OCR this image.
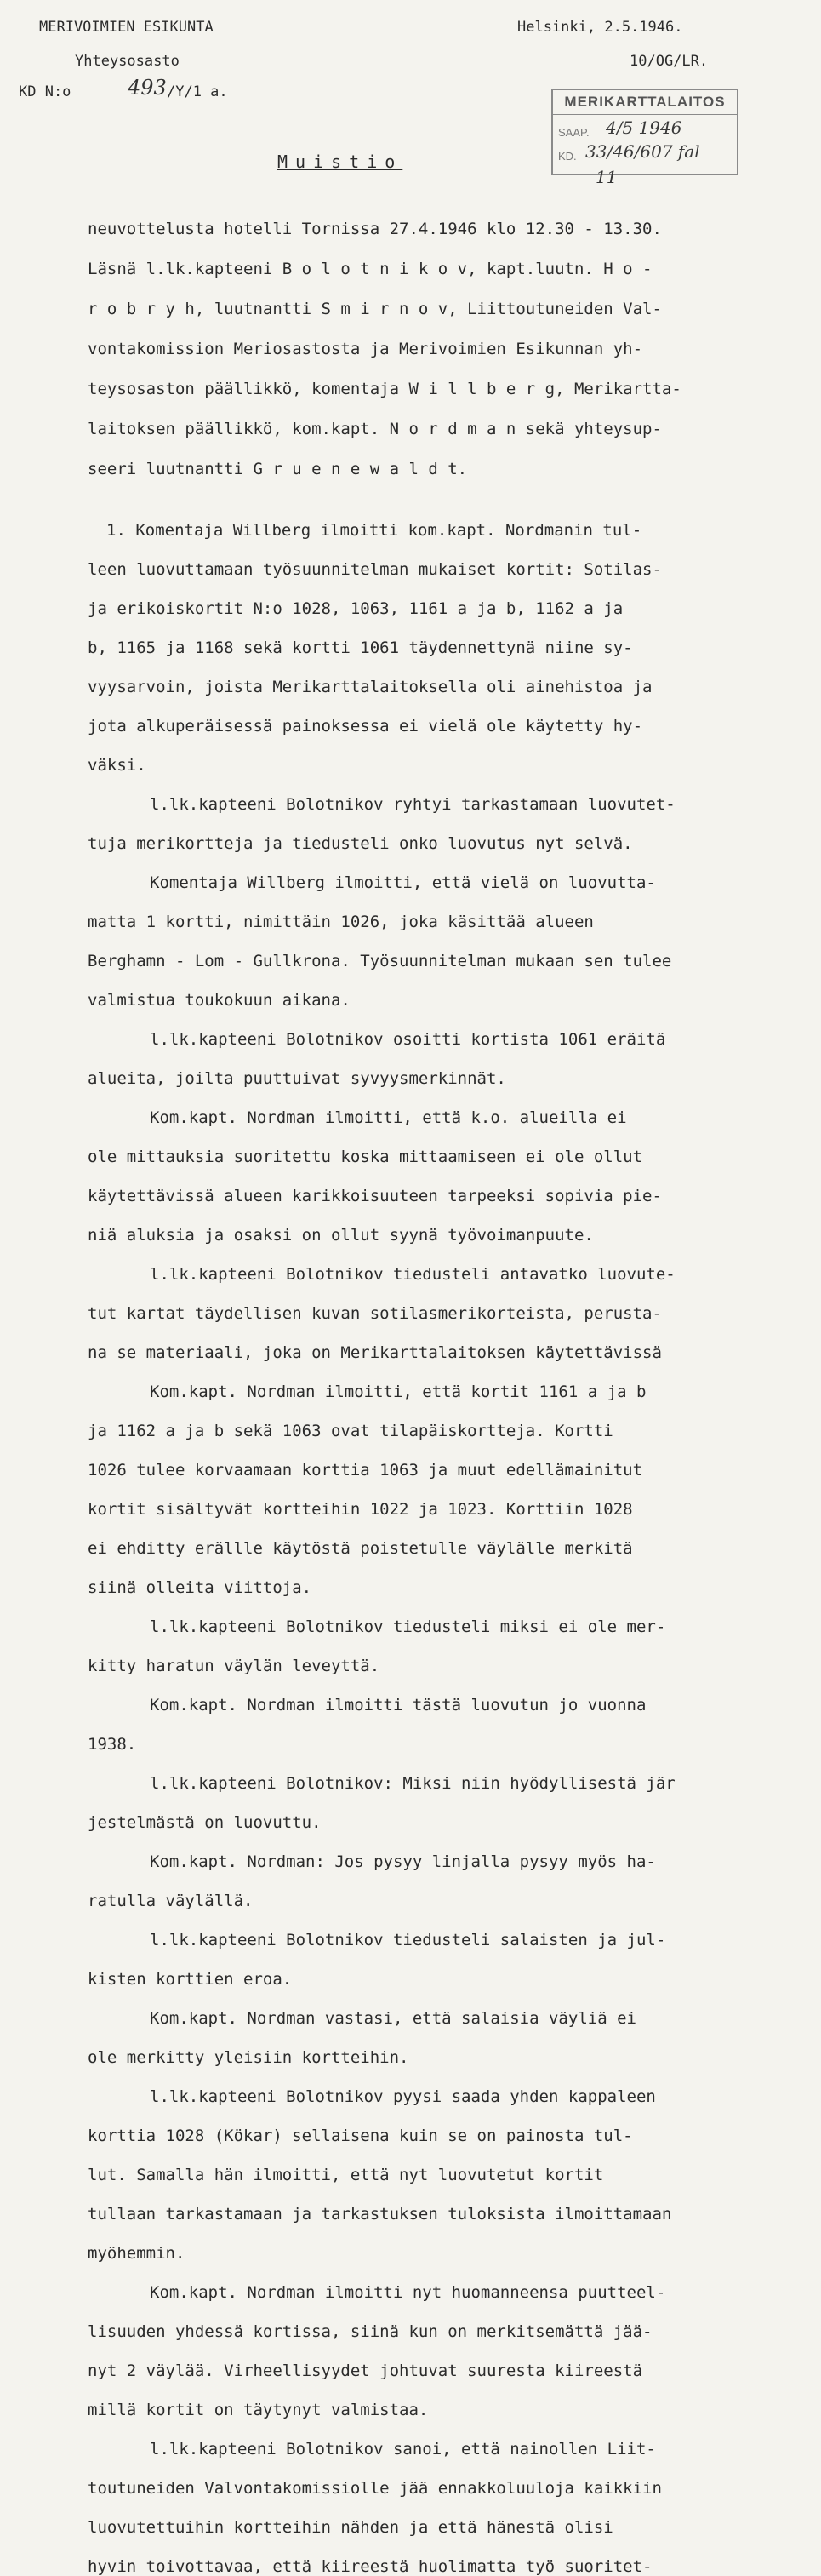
MERIVOIMIEN ESIKUNTA
Yhteysosasto
KD N:o	493 /Y/1 a.
Helsinki, 2.5.1946.
10/OG/LR.
MERIKARTTALAITOS
SAAP. 4/5 1946
KD. 33/46/607 fal
11
Muistio
neuvottelusta hotelli Tornissa 27.4.1946 klo 12.30 - 13.30.
Läsnä l.lk.kapteeni B o l o t n i k o v, kapt.luutn. H o -
r o b r y h, luutnantti S m i r n o v, Liittoutuneiden Val-
vontakomission Meriosastosta ja Merivoimien Esikunnan yh-
teysosaston päällikkö, komentaja W i l l b e r g, Merikartta-
laitoksen päällikkö, kom.kapt. N o r d m a n sekä yhteysup-
seeri luutnantti G r u e n e w a l d t.
1. Komentaja Willberg ilmoitti kom.kapt. Nordmanin tul-
leen luovuttamaan työsuunnitelman mukaiset kortit: Sotilas-
ja erikoiskortit N:o 1028, 1063, 1161 a ja b, 1162 a ja
b, 1165 ja 1168 sekä kortti 1061 täydennettynä niine sy-
vyysarvoin, joista Merikarttalaitoksella oli ainehistoa ja
jota alkuperäisessä painoksessa ei vielä ole käytetty hy-
väksi.
l.lk.kapteeni Bolotnikov ryhtyi tarkastamaan luovutet-
tuja merikortteja ja tiedusteli onko luovutus nyt selvä.
Komentaja Willberg ilmoitti, että vielä on luovutta-
matta 1 kortti, nimittäin 1026, joka käsittää alueen
Berghamn - Lom - Gullkrona. Työsuunnitelman mukaan sen tulee
valmistua toukokuun aikana.
l.lk.kapteeni Bolotnikov osoitti kortista 1061 eräitä
alueita, joilta puuttuivat syvyysmerkinnät.
Kom.kapt. Nordman ilmoitti, että k.o. alueilla ei
ole mittauksia suoritettu koska mittaamiseen ei ole ollut
käytettävissä alueen karikkoisuuteen tarpeeksi sopivia pie-
niä aluksia ja osaksi on ollut syynä työvoimanpuute.
l.lk.kapteeni Bolotnikov tiedusteli antavatko luovute-
tut kartat täydellisen kuvan sotilasmerikorteista, perusta-
na se materiaali, joka on Merikarttalaitoksen käytettävissä
Kom.kapt. Nordman ilmoitti, että kortit 1161 a ja b
ja 1162 a ja b sekä 1063 ovat tilapäiskortteja. Kortti
1026 tulee korvaamaan korttia 1063 ja muut edellämainitut
kortit sisältyvät kortteihin 1022 ja 1023. Korttiin 1028
ei ehditty erällle käytöstä poistetulle väylälle merkitä
siinä olleita viittoja.
l.lk.kapteeni Bolotnikov tiedusteli miksi ei ole mer-
kitty haratun väylän leveyttä.
Kom.kapt. Nordman ilmoitti tästä luovutun jo vuonna
1938.
l.lk.kapteeni Bolotnikov: Miksi niin hyödyllisestä jär
jestelmästä on luovuttu.
Kom.kapt. Nordman: Jos pysyy linjalla pysyy myös ha-
ratulla väylällä.
l.lk.kapteeni Bolotnikov tiedusteli salaisten ja jul-
kisten korttien eroa.
Kom.kapt. Nordman vastasi, että salaisia väyliä ei
ole merkitty yleisiin kortteihin.
l.lk.kapteeni Bolotnikov pyysi saada yhden kappaleen
korttia 1028 (Kökar) sellaisena kuin se on painosta tul-
lut. Samalla hän ilmoitti, että nyt luovutetut kortit
tullaan tarkastamaan ja tarkastuksen tuloksista ilmoittamaan
myöhemmin.
Kom.kapt. Nordman ilmoitti nyt huomanneensa puutteel-
lisuuden yhdessä kortissa, siinä kun on merkitsemättä jää-
nyt 2 väylää. Virheellisyydet johtuvat suuresta kiireestä
millä kortit on täytynyt valmistaa.
l.lk.kapteeni Bolotnikov sanoi, että nainollen Liit-
toutuneiden Valvontakomissiolle jää ennakkoluuloja kaikkiin
luovutettuihin kortteihin nähden ja että hänestä olisi
hyvin toivottavaa, että kiireestä huolimatta työ suoritet-
